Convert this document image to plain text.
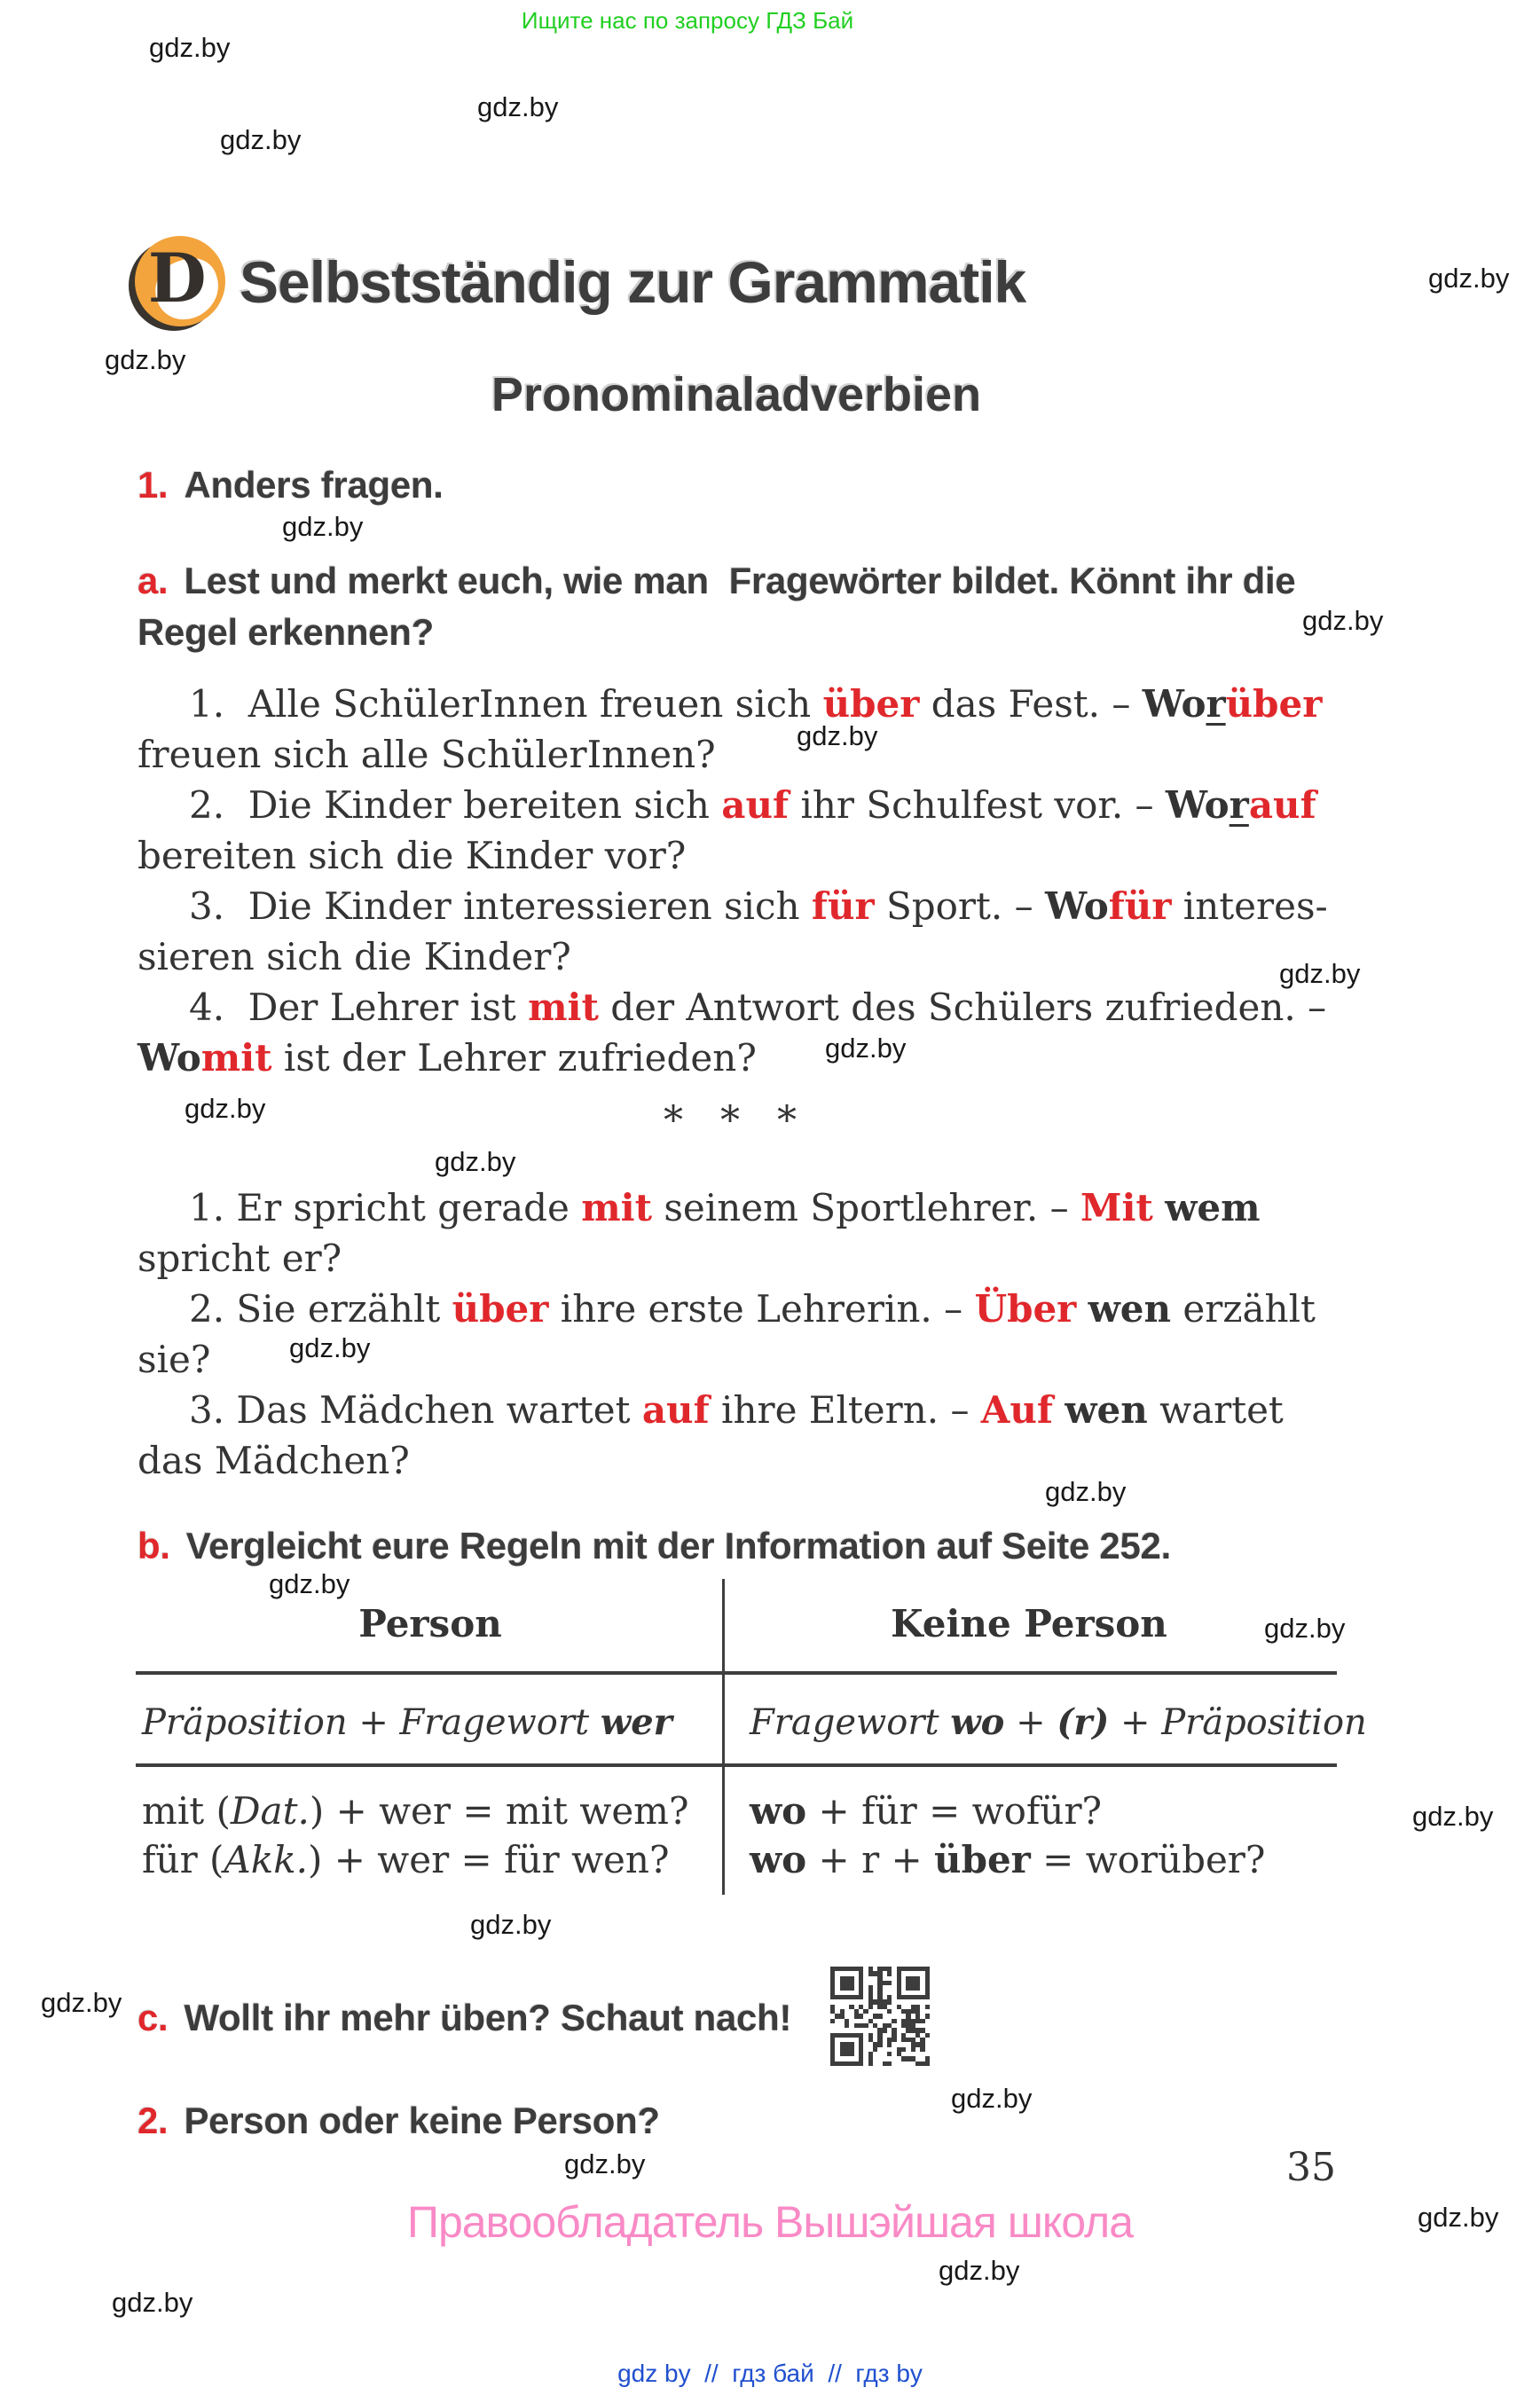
Ищите нас по запросу ГДЗ Бай
gdz.by
gdz.by
gdz.by
gdz.by
gdz.by
gdz.by
gdz.by
gdz.by
gdz.by
gdz.by
gdz.by
gdz.by
gdz.by
gdz.by
gdz.by
gdz.by
gdz.by
gdz.by
gdz.by
gdz.by
gdz.by
gdz.by
gdz.by
gdz.by
D Selbstständig zur Grammatik
Pronominaladverbien
1. Anders fragen.
a. Lest und merkt euch, wie man  Fragewörter bildet. Könnt ihr die
Regel erkennen?
1.  Alle SchülerInnen freuen sich über das Fest. – Worüber
freuen sich alle SchülerInnen?
2.  Die Kinder bereiten sich auf ihr Schulfest vor. – Worauf
bereiten sich die Kinder vor?
3.  Die Kinder interessieren sich für Sport. – Wofür interes-
sieren sich die Kinder?
4.  Der Lehrer ist mit der Antwort des Schülers zufrieden. –
Womit ist der Lehrer zufrieden?
* * *
1. Er spricht gerade mit seinem Sportlehrer. – Mit wem
spricht er?
2. Sie erzählt über ihre erste Lehrerin. – Über wen erzählt
sie?
3. Das Mädchen wartet auf ihre Eltern. – Auf wen wartet
das Mädchen?
b. Vergleicht eure Regeln mit der Information auf Seite 252.
Person	Keine Person
Präposition + Fragewort wer Fragewort wo + (r) + Präposition
mit (Dat.) + wer = mit wem?
für (Akk.) + wer = für wen?
wo + für = wofür?
wo + r + über = worüber?
c. Wollt ihr mehr üben? Schaut nach!
2. Person oder keine Person?
35
Правообладатель Вышэйшая школа
gdz by  //  гдз бай  //  гдз by
